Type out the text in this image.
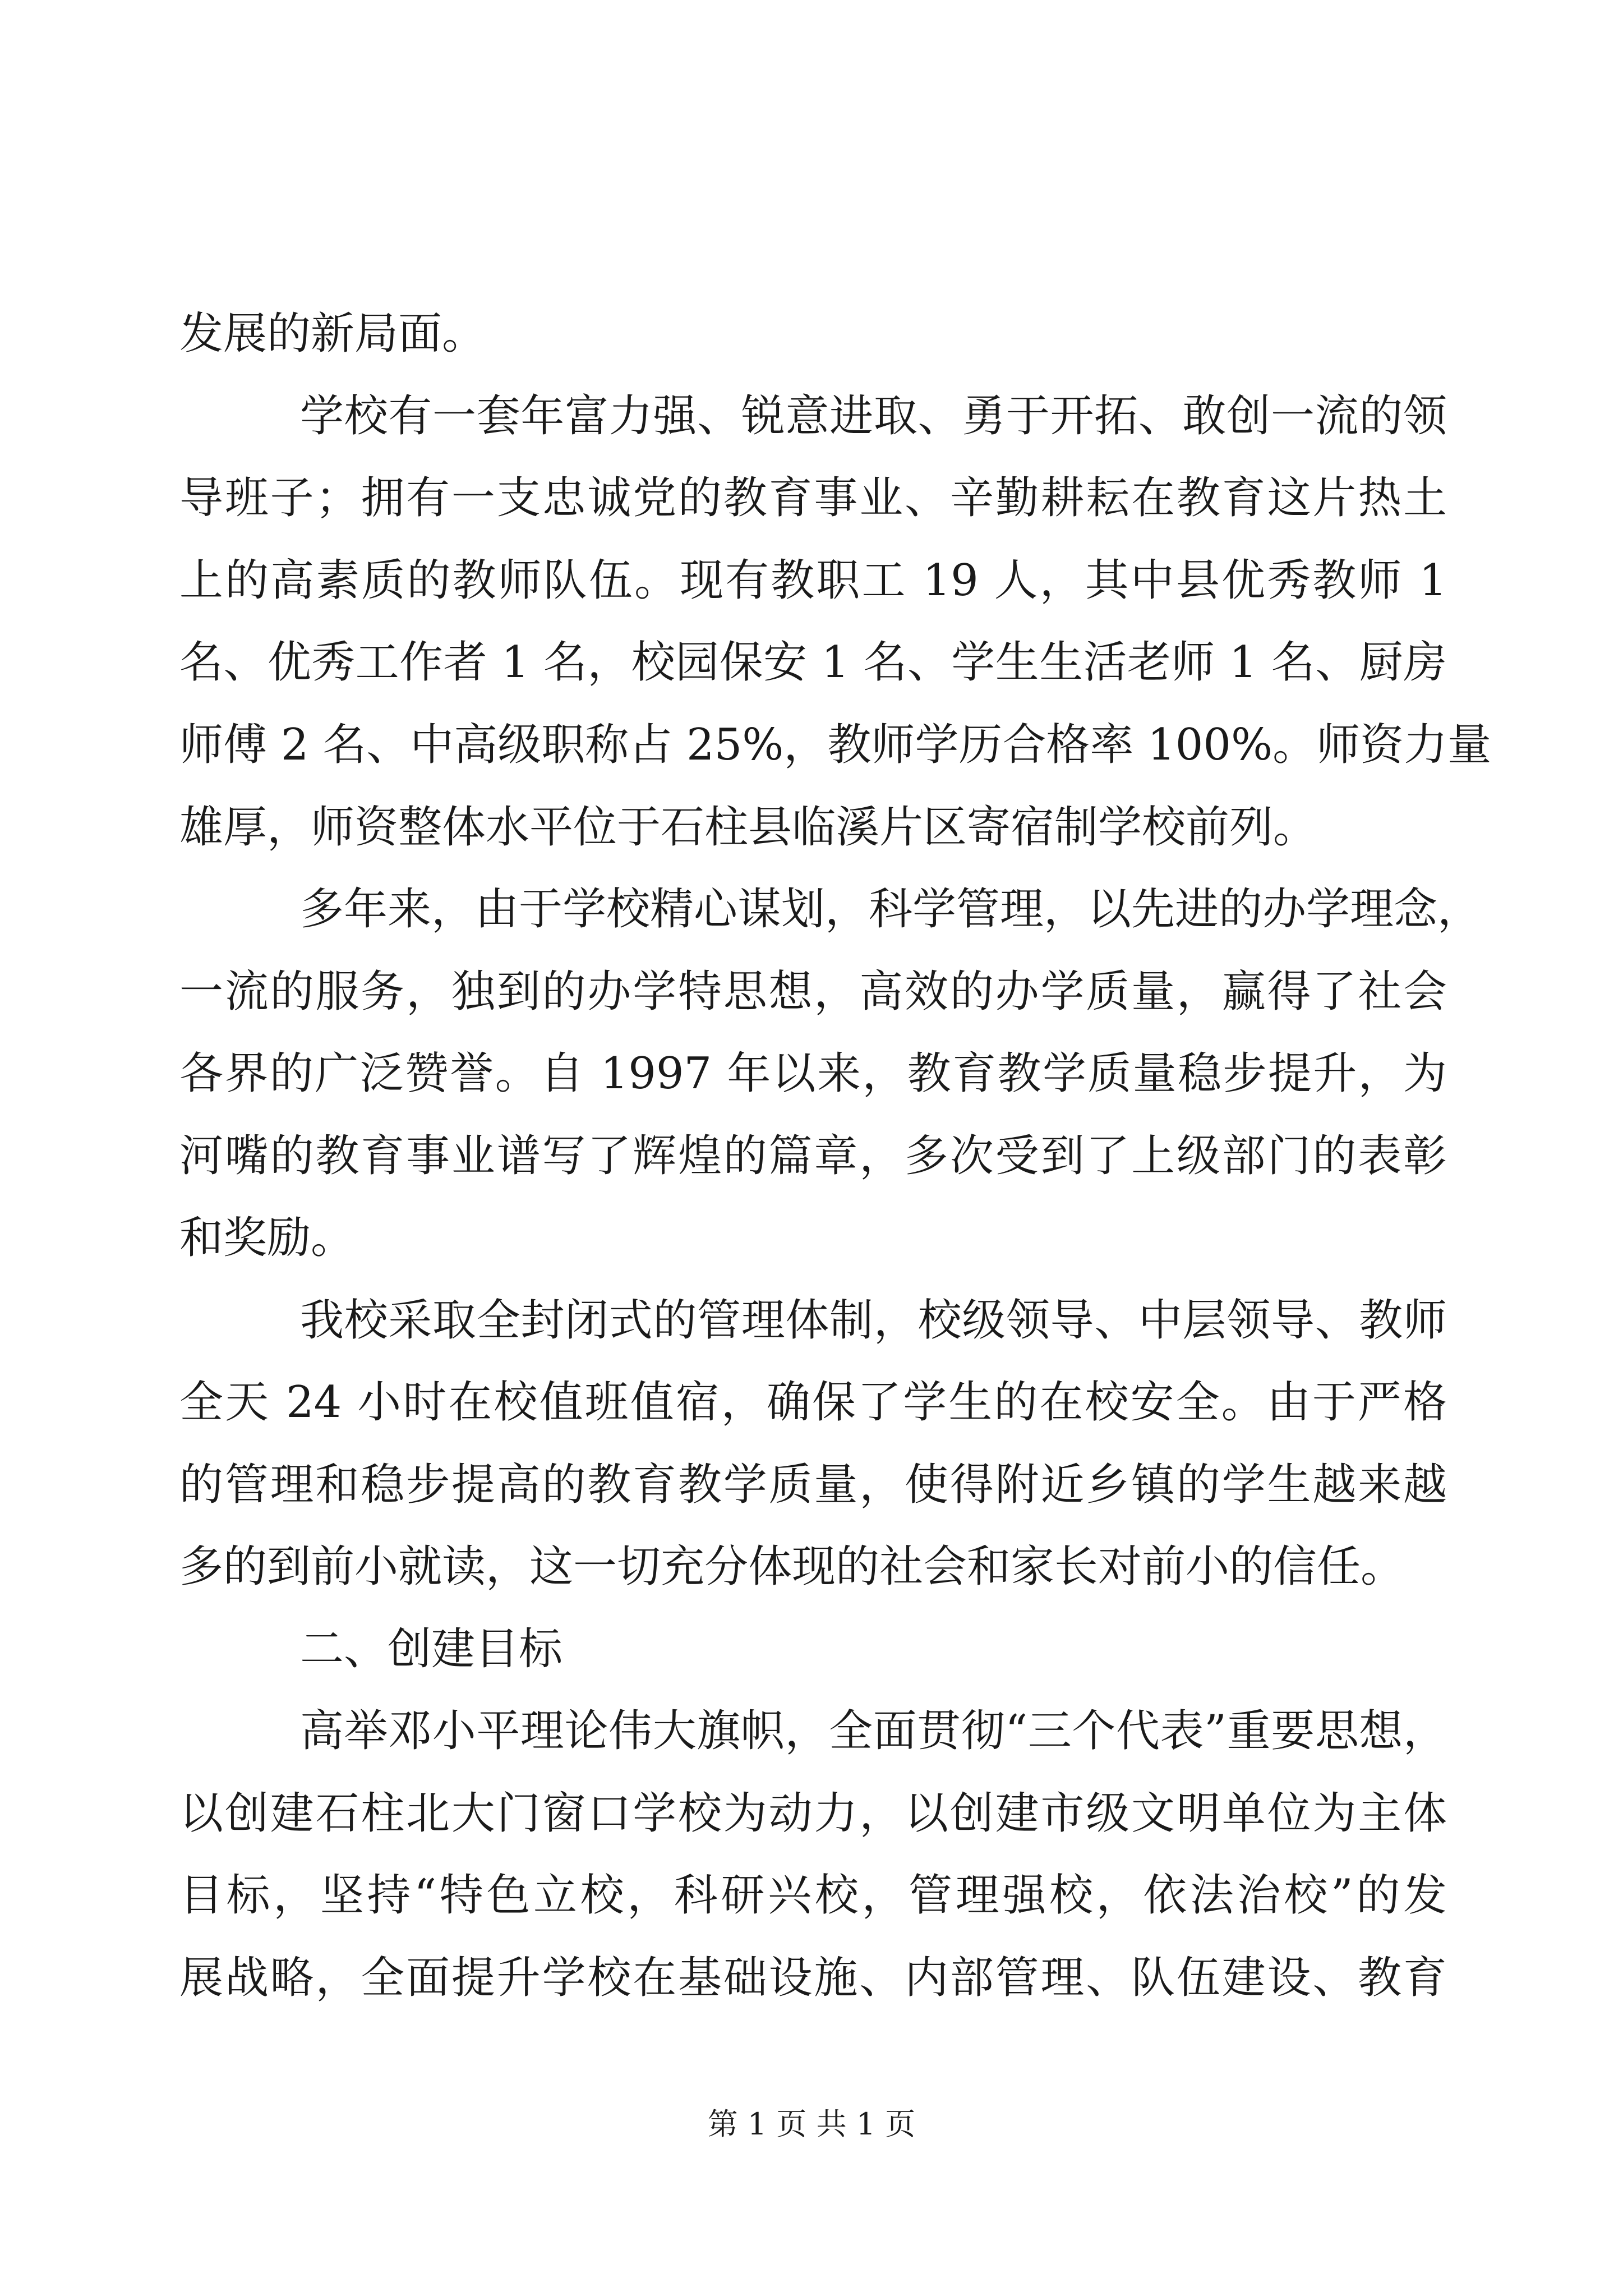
发展的新局面。
学校有一套年富力强、锐意进取、勇于开拓、敢创一流的领
导班子；拥有一支忠诚党的教育事业、辛勤耕耘在教育这片热土
上的高素质的教师队伍。现有教职工 19 人，其中县优秀教师 1
名、优秀工作者 1 名，校园保安 1 名、学生生活老师 1 名、厨房
师傅 2 名、中高级职称占 25%，教师学历合格率 100%。师资力量
雄厚，师资整体水平位于石柱县临溪片区寄宿制学校前列。
多年来，由于学校精心谋划，科学管理，以先进的办学理念，
一流的服务，独到的办学特思想，高效的办学质量，赢得了社会
各界的广泛赞誉。自 1997 年以来，教育教学质量稳步提升，为
河嘴的教育事业谱写了辉煌的篇章，多次受到了上级部门的表彰
和奖励。
我校采取全封闭式的管理体制，校级领导、中层领导、教师
全天 24 小时在校值班值宿，确保了学生的在校安全。由于严格
的管理和稳步提高的教育教学质量，使得附近乡镇的学生越来越
多的到前小就读，这一切充分体现的社会和家长对前小的信任。
二、创建目标
高举邓小平理论伟大旗帜，全面贯彻“三个代表”重要思想，
以创建石柱北大门窗口学校为动力，以创建市级文明单位为主体
目标，坚持“特色立校，科研兴校，管理强校，依法治校”的发
展战略，全面提升学校在基础设施、内部管理、队伍建设、教育
第 1 页 共 1 页
